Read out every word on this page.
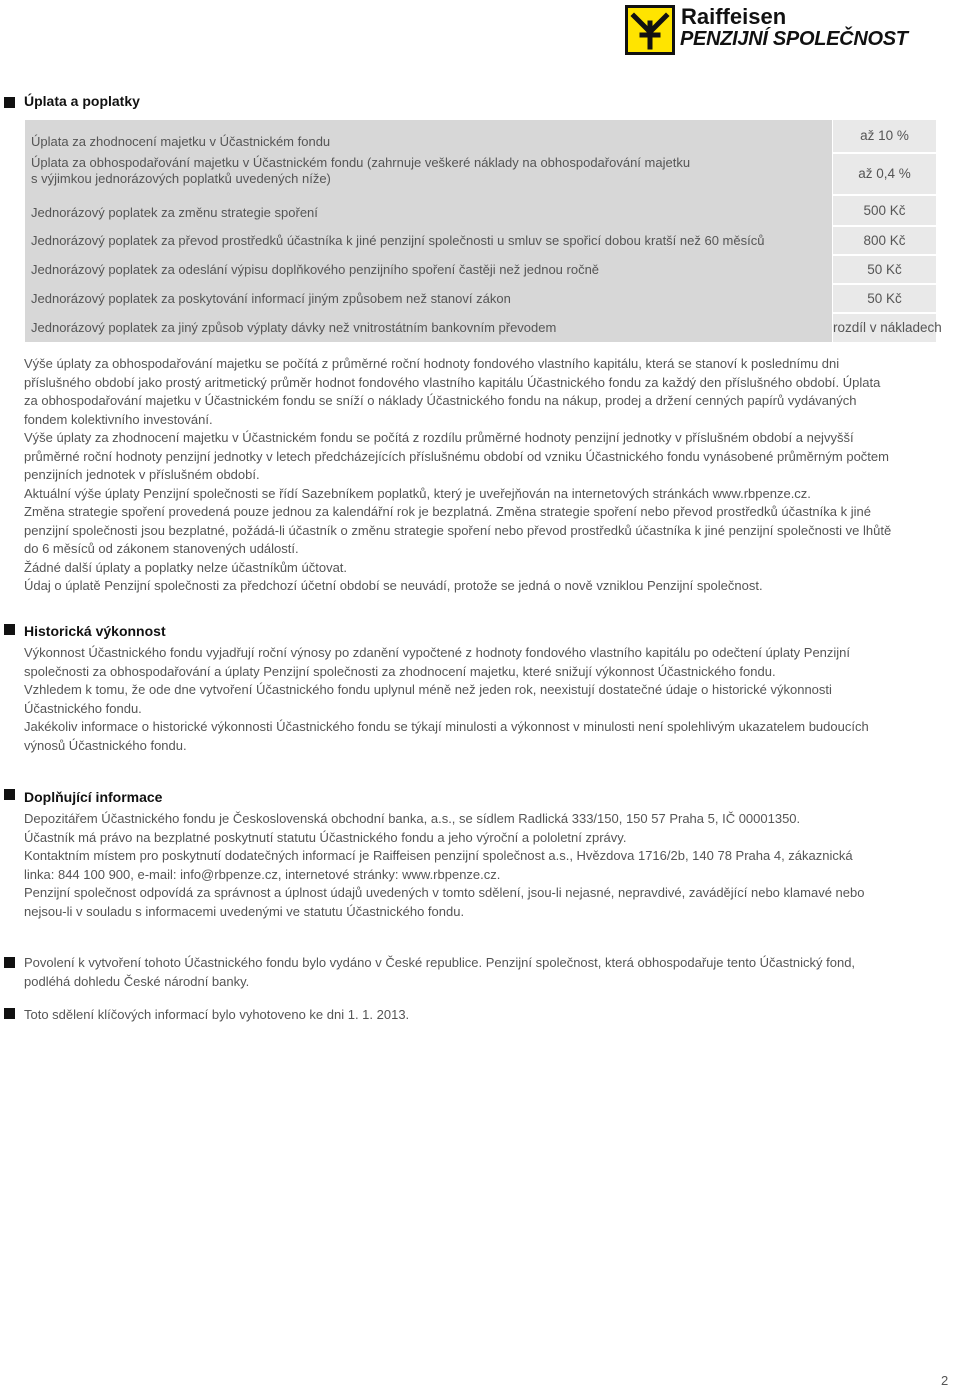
Raiffeisen
PENZIJNÍ SPOLEČNOST
Úplata a poplatky
Úplata za zhodnocení majetku v Účastnickém fondu	až 10 %
Úplata za obhospodařování majetku v Účastnickém fondu (zahrnuje veškeré náklady na obhospodařování majetku
s výjimkou jednorázových poplatků uvedených níže)	až 0,4 %
Jednorázový poplatek za změnu strategie spoření	500 Kč
Jednorázový poplatek za převod prostředků účastníka k jiné penzijní společnosti u smluv se spořicí dobou kratší než 60 měsíců	800 Kč
Jednorázový poplatek za odeslání výpisu doplňkového penzijního spoření častěji než jednou ročně	50 Kč
Jednorázový poplatek za poskytování informací jiným způsobem než stanoví zákon	50 Kč
Jednorázový poplatek za jiný způsob výplaty dávky než vnitrostátním bankovním převodem	rozdíl v nákladech

Výše úplaty za obhospodařování majetku se počítá z průměrné roční hodnoty fondového vlastního kapitálu, která se stanoví k poslednímu dni
příslušného období jako prostý aritmetický průměr hodnot fondového vlastního kapitálu Účastnického fondu za každý den příslušného období. Úplata
za obhospodařování majetku v Účastnickém fondu se sníží o náklady Účastnického fondu na nákup, prodej a držení cenných papírů vydávaných
fondem kolektivního investování.

Výše úplaty za zhodnocení majetku v Účastnickém fondu se počítá z rozdílu průměrné hodnoty penzijní jednotky v příslušném období a nejvyšší
průměrné roční hodnoty penzijní jednotky v letech předcházejících příslušnému období od vzniku Účastnického fondu vynásobené průměrným počtem
penzijních jednotek v příslušném období.

Aktuální výše úplaty Penzijní společnosti se řídí Sazebníkem poplatků, který je uveřejňován na internetových stránkách www.rbpenze.cz.

Změna strategie spoření provedená pouze jednou za kalendářní rok je bezplatná. Změna strategie spoření nebo převod prostředků účastníka k jiné
penzijní společnosti jsou bezplatné, požádá-li účastník o změnu strategie spoření nebo převod prostředků účastníka k jiné penzijní společnosti ve lhůtě
do 6 měsíců od zákonem stanovených událostí.

Žádné další úplaty a poplatky nelze účastníkům účtovat.

Údaj o úplatě Penzijní společnosti za předchozí účetní období se neuvádí, protože se jedná o nově vzniklou Penzijní společnost.

Historická výkonnost

Výkonnost Účastnického fondu vyjadřují roční výnosy po zdanění vypočtené z hodnoty fondového vlastního kapitálu po odečtení úplaty Penzijní
společnosti za obhospodařování a úplaty Penzijní společnosti za zhodnocení majetku, které snižují výkonnost Účastnického fondu.

Vzhledem k tomu, že ode dne vytvoření Účastnického fondu uplynul méně než jeden rok, neexistují dostatečné údaje o historické výkonnosti
Účastnického fondu.

Jakékoliv informace o historické výkonnosti Účastnického fondu se týkají minulosti a výkonnost v minulosti není spolehlivým ukazatelem budoucích
výnosů Účastnického fondu.

Doplňující informace

Depozitářem Účastnického fondu je Československá obchodní banka, a.s., se sídlem Radlická 333/150, 150 57 Praha 5, IČ 00001350.

Účastník má právo na bezplatné poskytnutí statutu Účastnického fondu a jeho výroční a pololetní zprávy.

Kontaktním místem pro poskytnutí dodatečných informací je Raiffeisen penzijní společnost a.s., Hvězdova 1716/2b, 140 78 Praha 4, zákaznická
linka: 844 100 900, e-mail: info@rbpenze.cz, internetové stránky: www.rbpenze.cz.

Penzijní společnost odpovídá za správnost a úplnost údajů uvedených v tomto sdělení, jsou-li nejasné, nepravdivé, zavádějící nebo klamavé nebo
nejsou-li v souladu s informacemi uvedenými ve statutu Účastnického fondu.

Povolení k vytvoření tohoto Účastnického fondu bylo vydáno v České republice. Penzijní společnost, která obhospodařuje tento Účastnický fond,
podléhá dohledu České národní banky.

Toto sdělení klíčových informací bylo vyhotoveno ke dni 1. 1. 2013.

2
